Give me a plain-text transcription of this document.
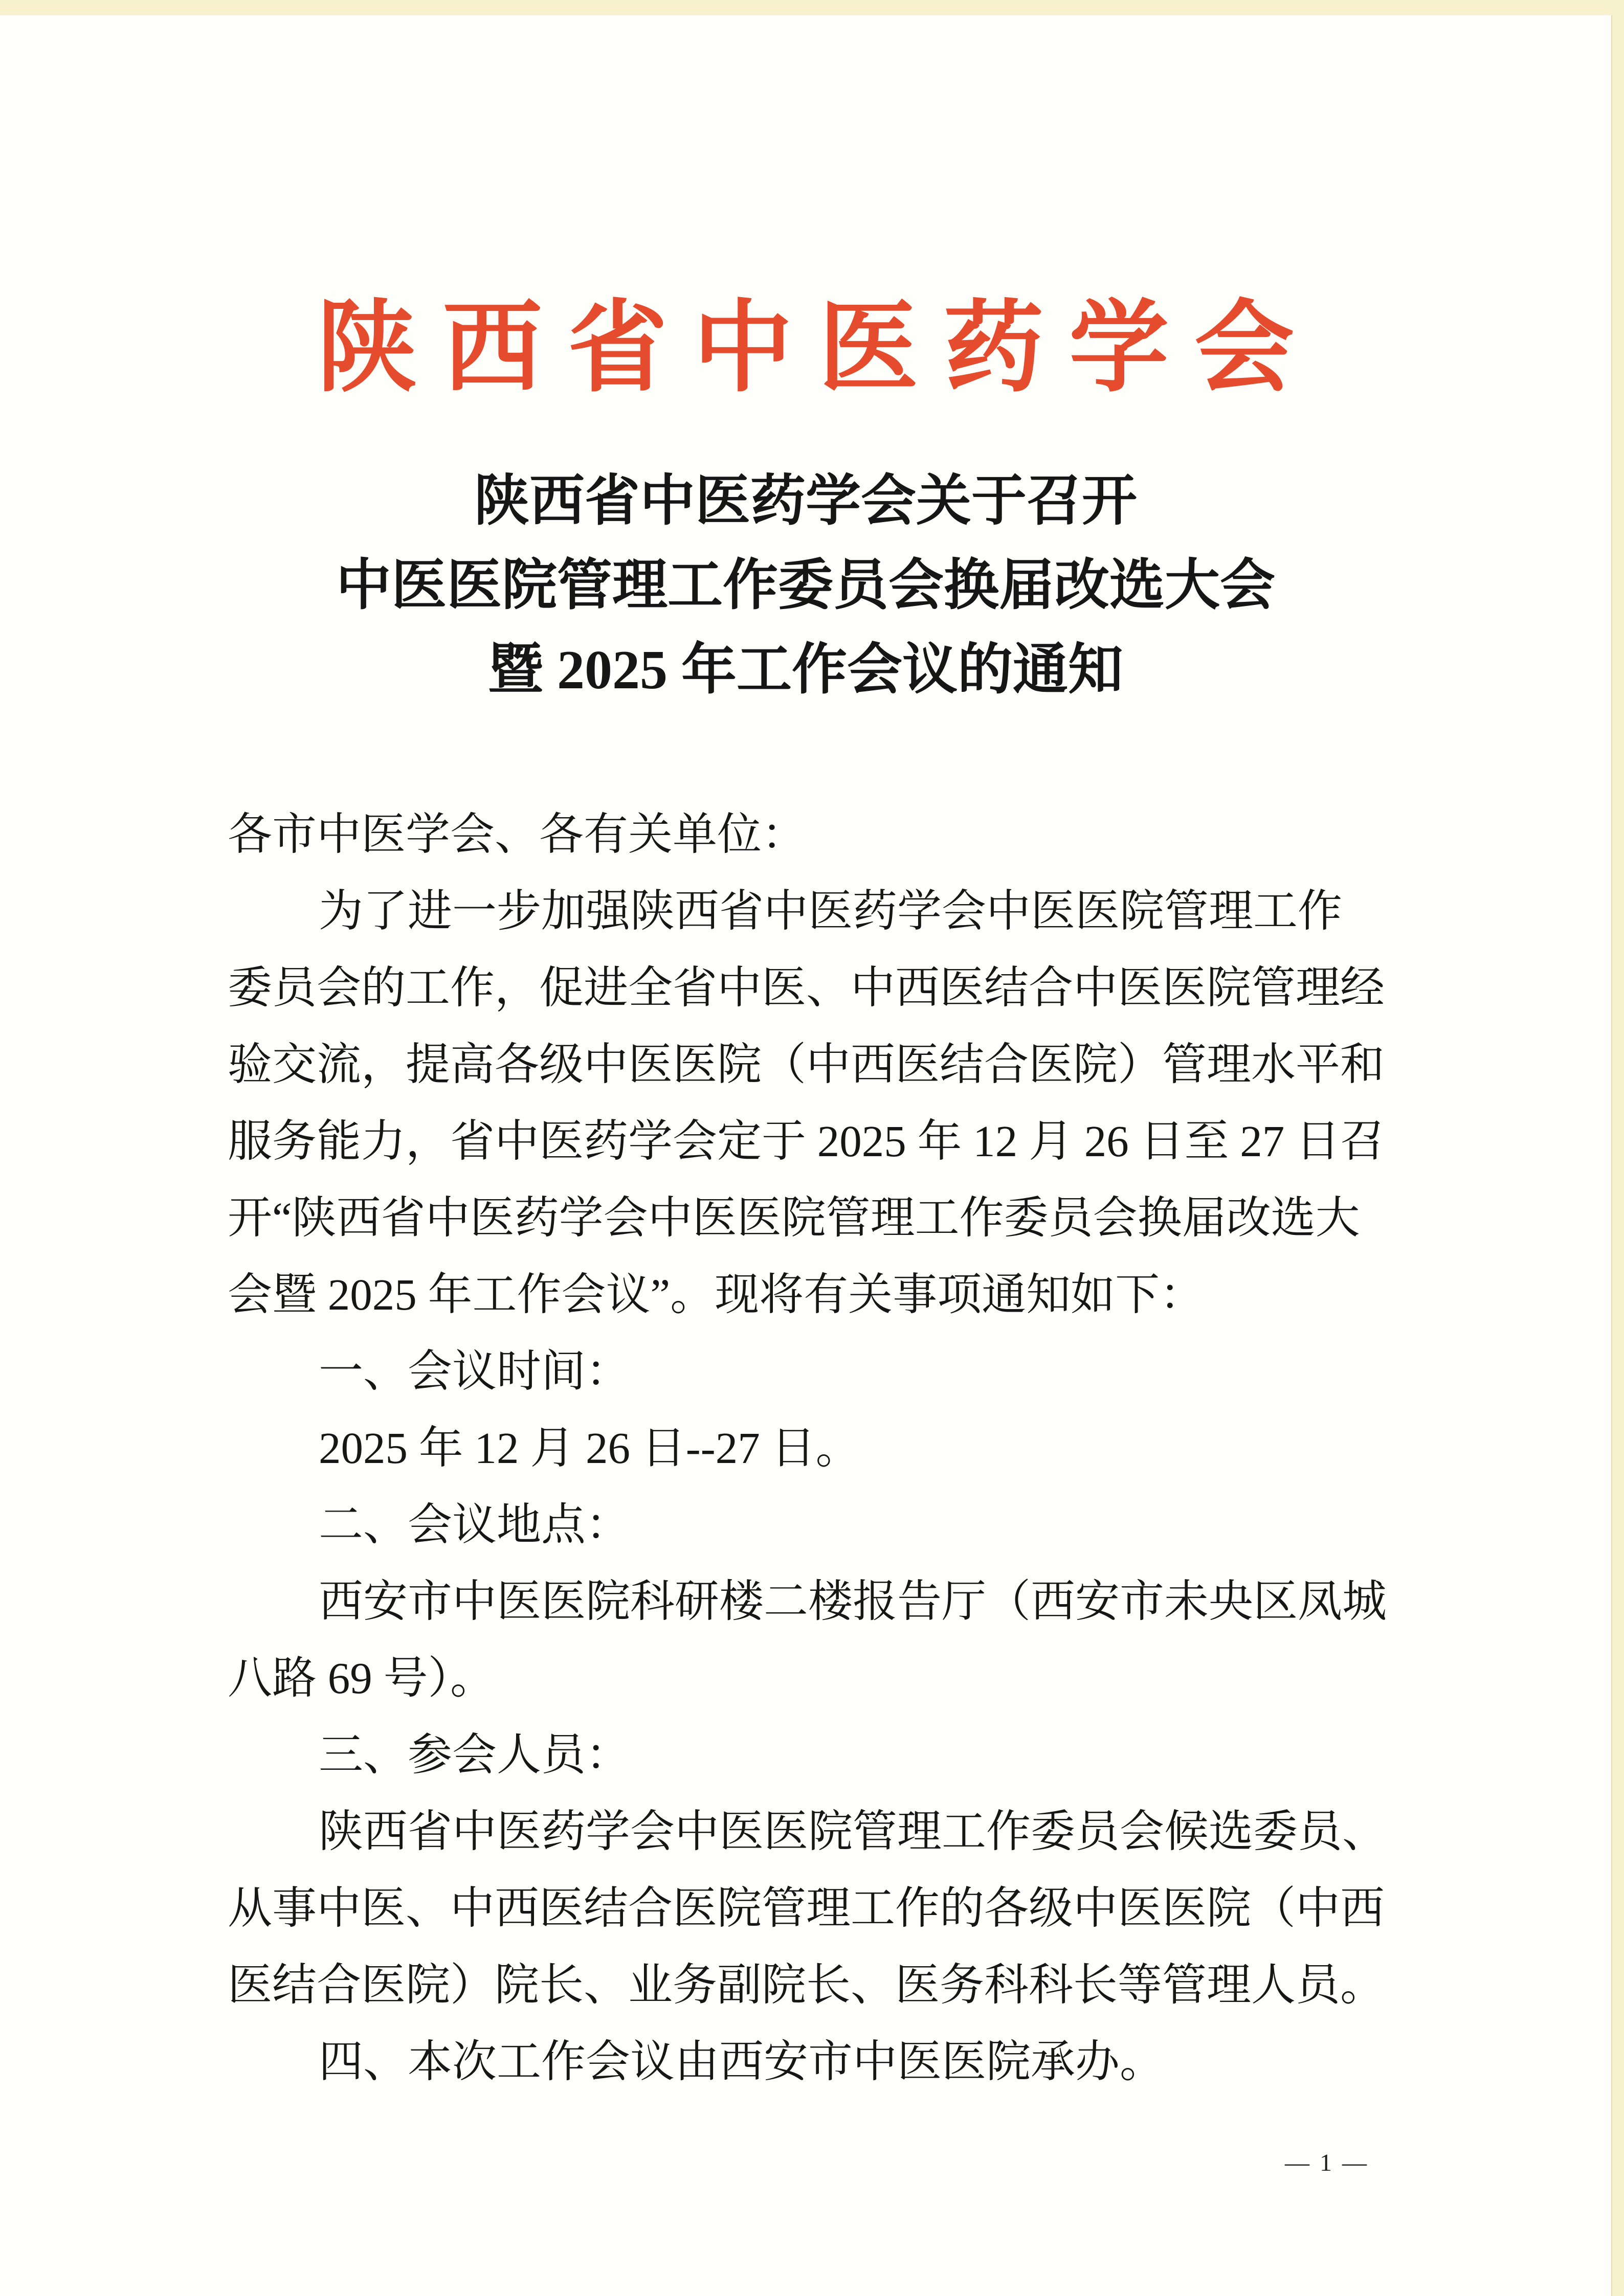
陕西省中医药学会
陕西省中医药学会关于召开
中医医院管理工作委员会换届改选大会
暨 2025 年工作会议的通知
各市中医学会、各有关单位：
为了进一步加强陕西省中医药学会中医医院管理工作
委员会的工作，促进全省中医、中西医结合中医医院管理经
验交流，提高各级中医医院（中西医结合医院）管理水平和
服务能力，省中医药学会定于 2025 年 12 月 26 日至 27 日召
开“陕西省中医药学会中医医院管理工作委员会换届改选大
会暨 2025 年工作会议”。现将有关事项通知如下：
一、会议时间：
2025 年 12 月 26 日--27 日。
二、会议地点：
西安市中医医院科研楼二楼报告厅（西安市未央区凤城
八路 69 号）。
三、参会人员：
陕西省中医药学会中医医院管理工作委员会候选委员、
从事中医、中西医结合医院管理工作的各级中医医院（中西
医结合医院）院长、业务副院长、医务科科长等管理人员。
四、本次工作会议由西安市中医医院承办。
— 1 —
